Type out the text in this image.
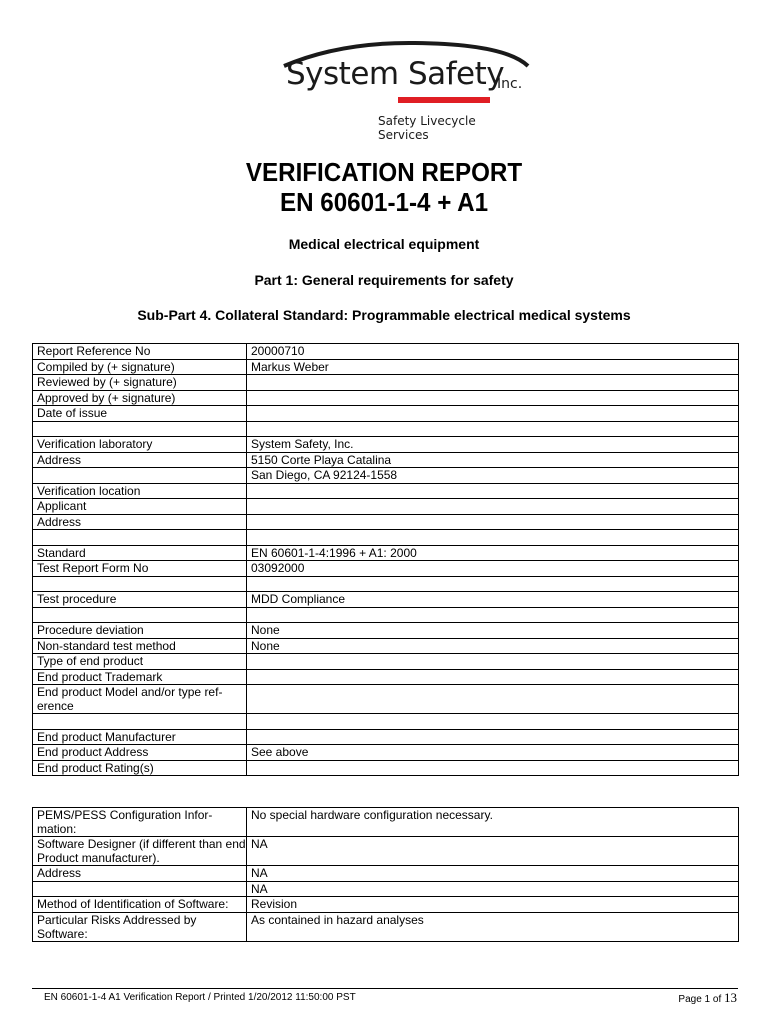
System Safety
Inc.
Safety Livecycle Services
VERIFICATION REPORT
EN 60601-1-4 + A1
Medical electrical equipment
Part 1: General requirements for safety
Sub-Part 4. Collateral Standard: Programmable electrical medical systems
Report Reference No	20000710
Compiled by (+ signature)	Markus Weber
Reviewed by (+ signature)	
Approved by (+ signature)	
Date of issue	

Verification laboratory	System Safety, Inc.
Address	5150 Corte Playa Catalina
	San Diego, CA 92124-1558
Verification location	
Applicant	
Address	

Standard	EN 60601-1-4:1996 + A1: 2000
Test Report Form No	03092000

Test procedure	MDD Compliance

Procedure deviation	None
Non-standard test method	None
Type of end product	
End product Trademark	
End product Model and/or type ref-erence	

End product Manufacturer	
End product Address	See above
End product Rating(s)	
PEMS/PESS Configuration Infor-mation:	No special hardware configuration necessary.
Software Designer (if different than end Product manufacturer).	NA
Address	NA
	NA
Method of Identification of Software:	Revision
Particular Risks Addressed by Software:	As contained in hazard analyses
EN 60601-1-4 A1 Verification Report / Printed 1/20/2012 11:50:00 PST	Page 1 of 13
